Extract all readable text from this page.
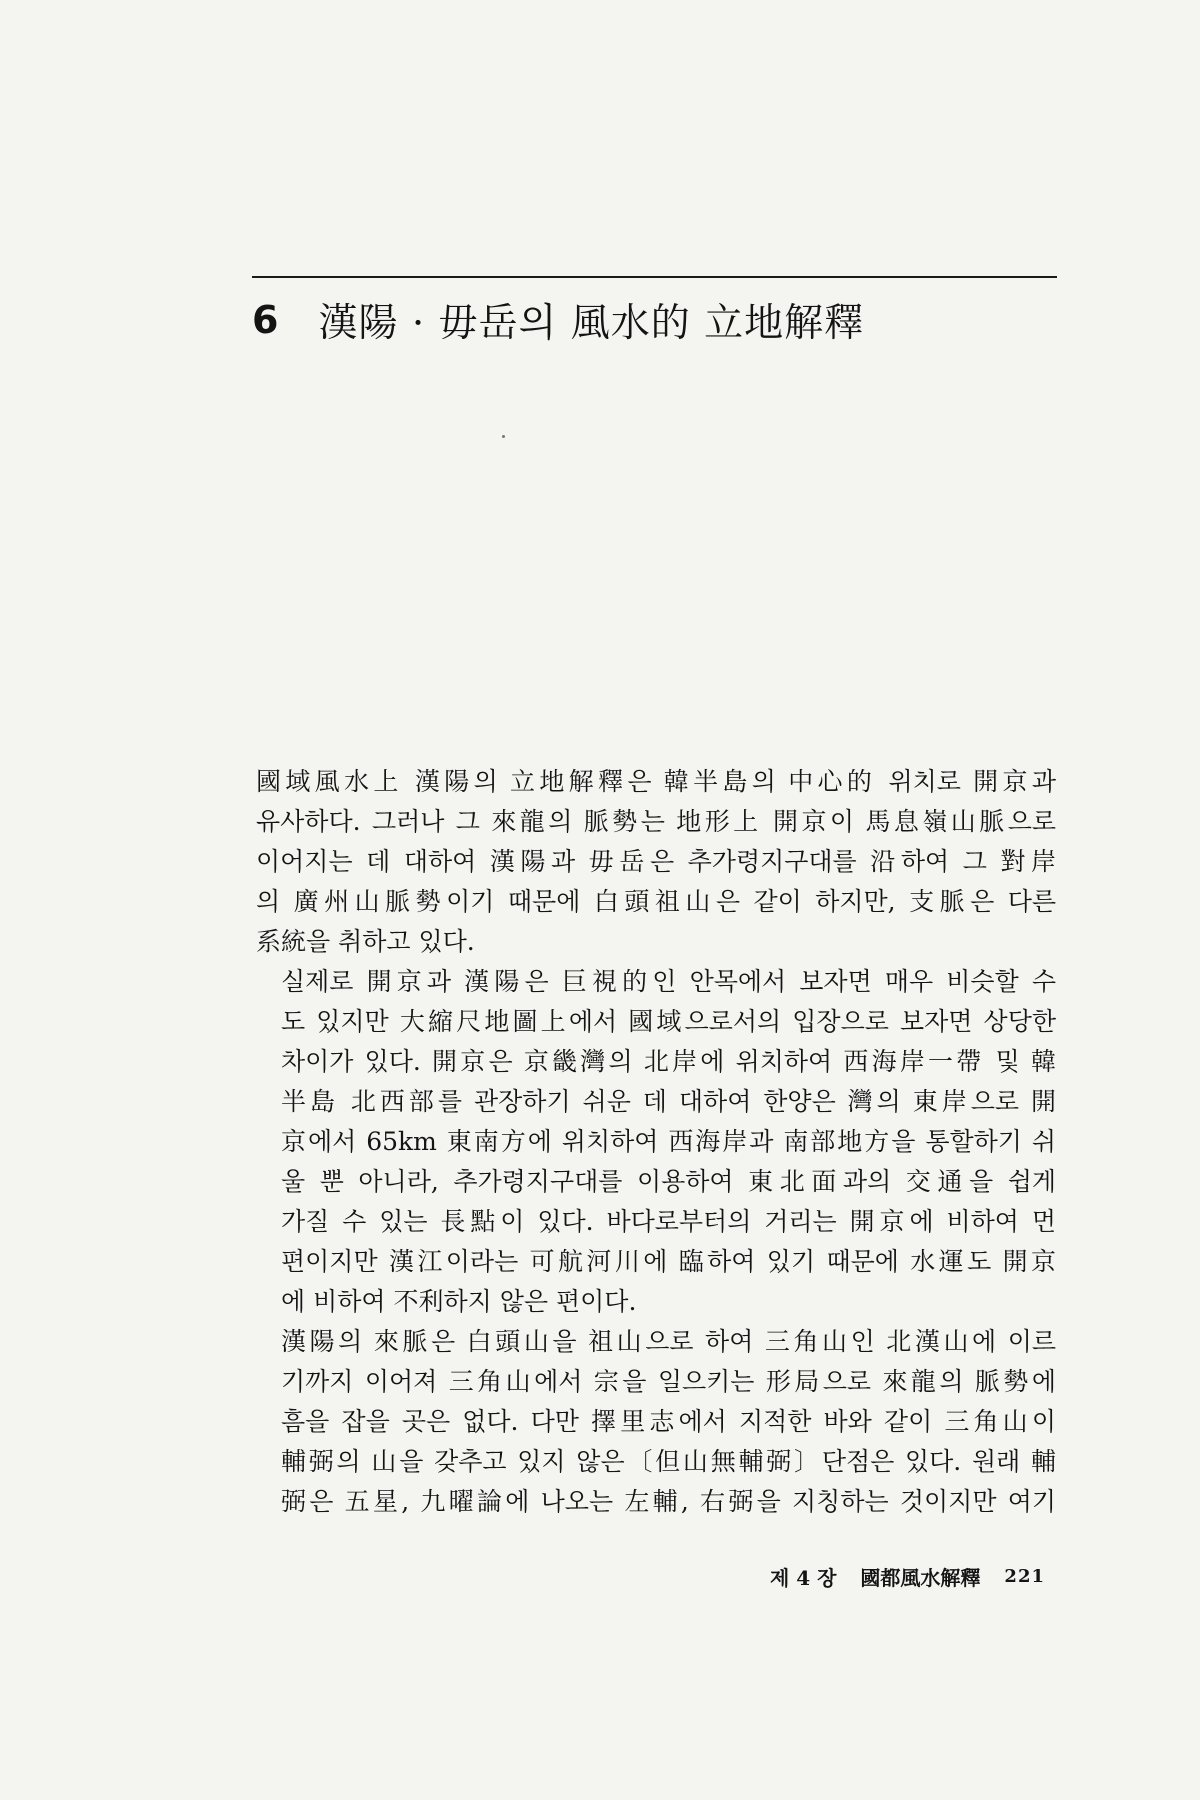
6 漢陽 · 毋岳의 風水的 立地解釋

國域風水上 漢陽의 立地解釋은 韓半島의 中心的 위치로 開京과
유사하다. 그러나 그 來龍의 脈勢는 地形上 開京이 馬息嶺山脈으로
이어지는 데 대하여 漢陽과 毋岳은 추가령지구대를 沿하여 그 對岸
의 廣州山脈勢이기 때문에 白頭祖山은 같이 하지만, 支脈은 다른
系統을 취하고 있다.

실제로 開京과 漢陽은 巨視的인 안목에서 보자면 매우 비슷할 수
도 있지만 大縮尺地圖上에서 國域으로서의 입장으로 보자면 상당한
차이가 있다. 開京은 京畿灣의 北岸에 위치하여 西海岸一帶 및 韓
半島 北西部를 관장하기 쉬운 데 대하여 한양은 灣의 東岸으로 開
京에서 65km 東南方에 위치하여 西海岸과 南部地方을 통할하기 쉬
울 뿐 아니라, 추가령지구대를 이용하여 東北面과의 交通을 쉽게
가질 수 있는 長點이 있다. 바다로부터의 거리는 開京에 비하여 먼
편이지만 漢江이라는 可航河川에 臨하여 있기 때문에 水運도 開京
에 비하여 不利하지 않은 편이다.

漢陽의 來脈은 白頭山을 祖山으로 하여 三角山인 北漢山에 이르
기까지 이어져 三角山에서 宗을 일으키는 形局으로 來龍의 脈勢에
흠을 잡을 곳은 없다. 다만 擇里志에서 지적한 바와 같이 三角山이
輔弼의 山을 갖추고 있지 않은〔但山無輔弼〕단점은 있다. 원래 輔
弼은 五星, 九曜論에 나오는 左輔, 右弼을 지칭하는 것이지만 여기

제 4 장 國都風水解釋 221
